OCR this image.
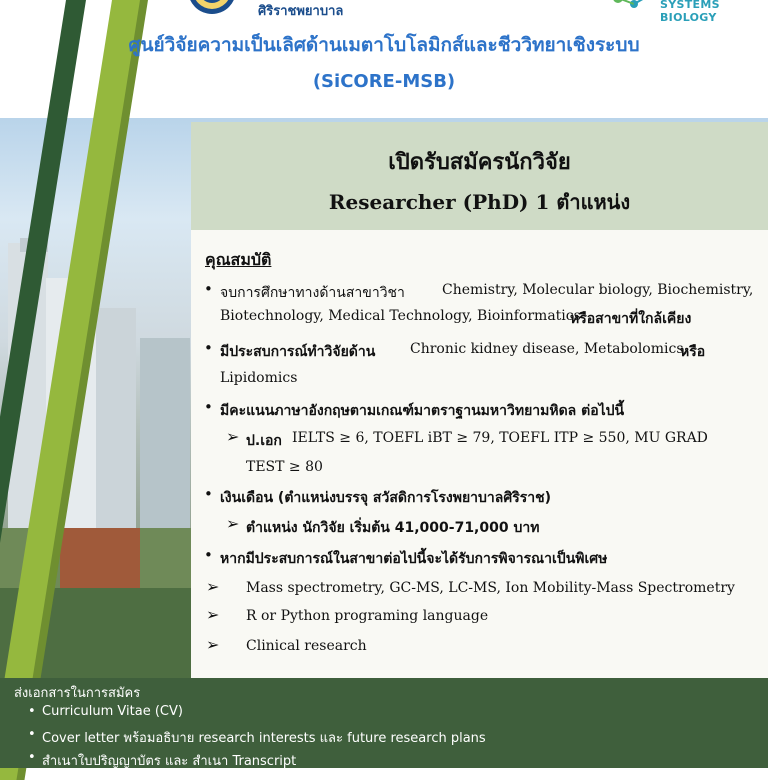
ศิริราชพยาบาล	SYSTEMS BIOLOGY
ศูนย์วิจัยความเป็นเลิศด้านเมตาโบโลมิกส์และชีววิทยาเชิงระบบ
(SiCORE-MSB)
เปิดรับสมัครนักวิจัย
Researcher (PhD) 1 ตำแหน่ง
คุณสมบัติ
• จบการศึกษาทางด้านสาขาวิชา	Chemistry, Molecular biology, Biochemistry,
Biotechnology, Medical Technology, Bioinformatics
หรือสาขาที่ใกล้เคียง
• มีประสบการณ์ทำวิจัยด้าน Chronic kidney disease, Metabolomics,
หรือ
Lipidomics
• มีคะแนนภาษาอังกฤษตามเกณฑ์มาตราฐานมหาวิทยามหิดล ต่อไปนี้
➢ ป.เอก IELTS ≥ 6, TOEFL iBT ≥ 79, TOEFL ITP ≥ 550, MU GRAD
TEST ≥ 80
• เงินเดือน (ตำแหน่งบรรจุ สวัสดิการโรงพยาบาลศิริราช)
➢ ตำแหน่ง นักวิจัย เริ่มต้น 41,000-71,000 บาท
• หากมีประสบการณ์ในสาขาต่อไปนี้จะได้รับการพิจารณาเป็นพิเศษ
➢ Mass spectrometry, GC-MS, LC-MS, Ion Mobility-Mass Spectrometry
➢ R or Python programing language
➢ Clinical research
ส่งเอกสารในการสมัคร
• Curriculum Vitae (CV)
• Cover letter พร้อมอธิบาย research interests และ future research plans
• สำเนาใบปริญญาบัตร และ สำเนา Transcript
